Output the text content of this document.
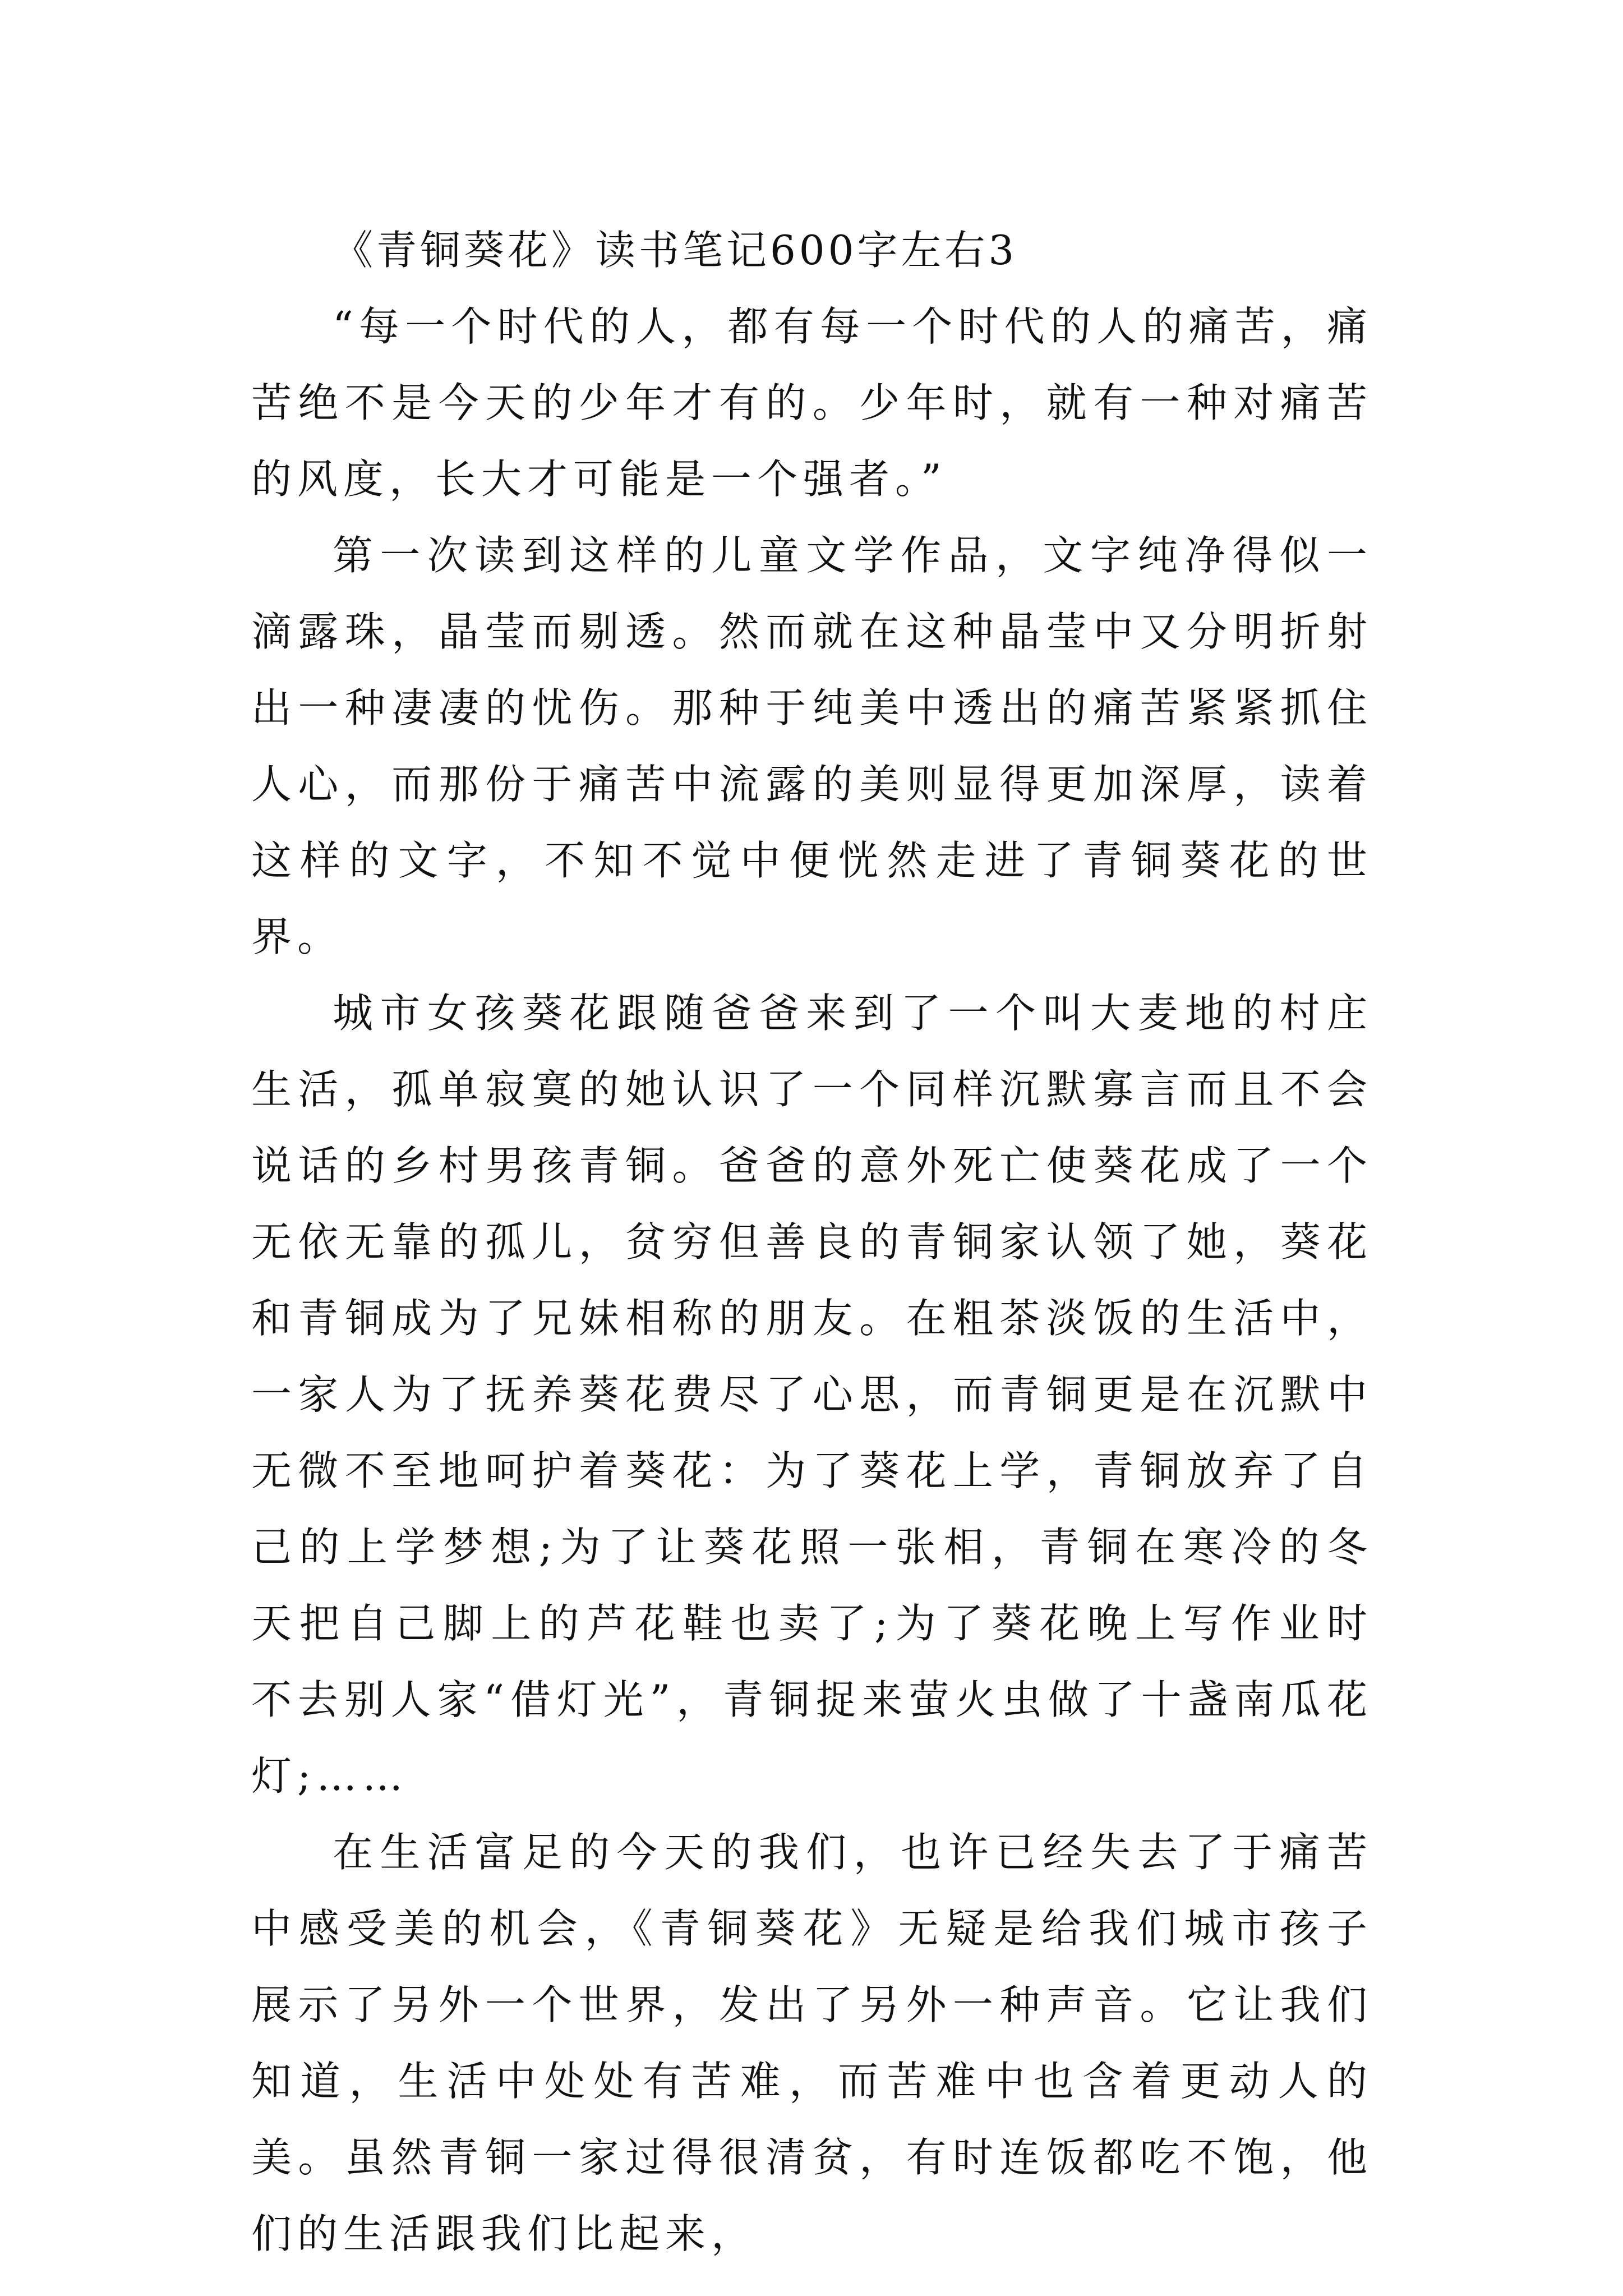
《青铜葵花》读书笔记600字左右3

“每一个时代的人，都有每一个时代的人的痛苦，痛苦绝不是今天的少年才有的。少年时，就有一种对痛苦的风度，长大才可能是一个强者。”

第一次读到这样的儿童文学作品，文字纯净得似一滴露珠，晶莹而剔透。然而就在这种晶莹中又分明折射出一种凄凄的忧伤。那种于纯美中透出的痛苦紧紧抓住人心，而那份于痛苦中流露的美则显得更加深厚，读着这样的文字，不知不觉中便恍然走进了青铜葵花的世界。

城市女孩葵花跟随爸爸来到了一个叫大麦地的村庄生活，孤单寂寞的她认识了一个同样沉默寡言而且不会说话的乡村男孩青铜。爸爸的意外死亡使葵花成了一个无依无靠的孤儿，贫穷但善良的青铜家认领了她，葵花和青铜成为了兄妹相称的朋友。在粗茶淡饭的生活中，一家人为了抚养葵花费尽了心思，而青铜更是在沉默中无微不至地呵护着葵花：为了葵花上学，青铜放弃了自己的上学梦想;为了让葵花照一张相，青铜在寒冷的冬天把自己脚上的芦花鞋也卖了;为了葵花晚上写作业时不去别人家“借灯光”，青铜捉来萤火虫做了十盏南瓜花灯;……

在生活富足的今天的我们，也许已经失去了于痛苦中感受美的机会，《青铜葵花》无疑是给我们城市孩子展示了另外一个世界，发出了另外一种声音。它让我们知道，生活中处处有苦难，而苦难中也含着更动人的美。虽然青铜一家过得很清贫，有时连饭都吃不饱，他们的生活跟我们比起来，
